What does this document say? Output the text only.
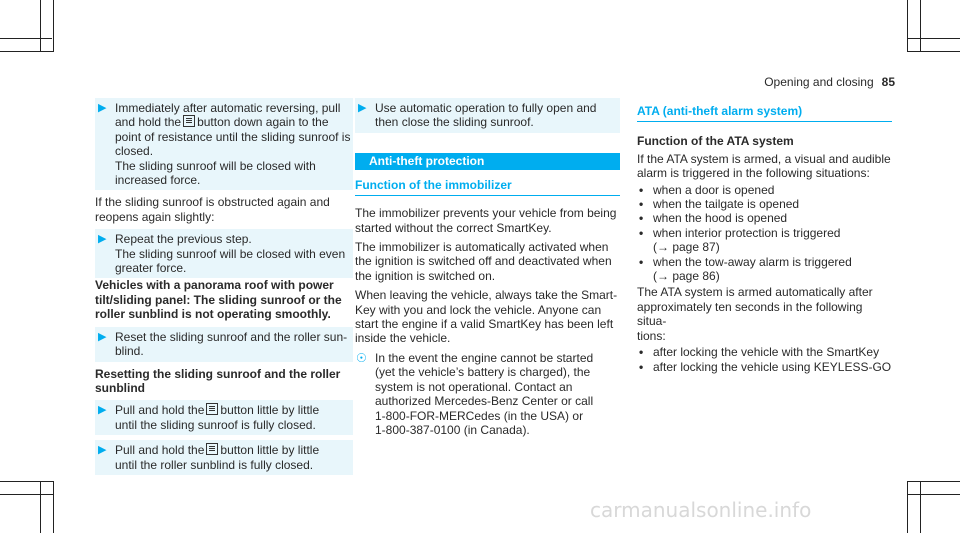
Opening and closing 85
▶ Immediately after automatic reversing, pull
and hold the button down again to the
point of resistance until the sliding sunroof is
closed.
The sliding sunroof will be closed with
increased force.
If the sliding sunroof is obstructed again and
reopens again slightly:
▶ Repeat the previous step.
The sliding sunroof will be closed with even
greater force.
Vehicles with a panorama roof with power
tilt/sliding panel: The sliding sunroof or the
roller sunblind is not operating smoothly.
▶ Reset the sliding sunroof and the roller sun-
blind.
Resetting the sliding sunroof and the roller
sunblind
▶ Pull and hold the button little by little
until the sliding sunroof is fully closed.
▶ Pull and hold the button little by little
until the roller sunblind is fully closed.
▶ Use automatic operation to fully open and
then close the sliding sunroof.
Anti-theft protection
Function of the immobilizer
The immobilizer prevents your vehicle from being
started without the correct SmartKey.
The immobilizer is automatically activated when
the ignition is switched off and deactivated when
the ignition is switched on.
When leaving the vehicle, always take the Smart-
Key with you and lock the vehicle. Anyone can
start the engine if a valid SmartKey has been left
inside the vehicle.
☉ In the event the engine cannot be started
(yet the vehicle’s battery is charged), the
system is not operational. Contact an
authorized Mercedes-Benz Center or call
1-800-FOR-MERCedes (in the USA) or
1-800-387-0100 (in Canada).
ATA (anti-theft alarm system)
Function of the ATA system
If the ATA system is armed, a visual and audible
alarm is triggered in the following situations:
• when a door is opened
• when the tailgate is opened
• when the hood is opened
• when interior protection is triggered
(→ page 87)
• when the tow-away alarm is triggered
(→ page 86)
The ATA system is armed automatically after
approximately ten seconds in the following situa-
tions:
• after locking the vehicle with the SmartKey
• after locking the vehicle using KEYLESS-GO
carmanualsonline.info
